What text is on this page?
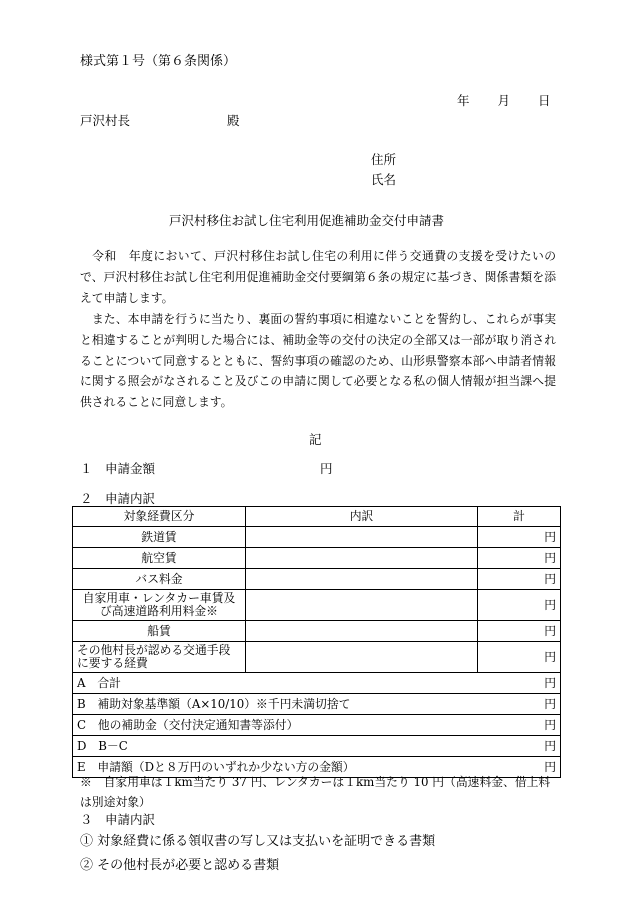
様式第１号（第６条関係）
年 月 日
戸沢村長	殿
住所
氏名
戸沢村移住お試し住宅利用促進補助金交付申請書
　令和　年度において、戸沢村移住お試し住宅の利用に伴う交通費の支援を受けたいので、戸沢村移住お試し住宅利用促進補助金交付要綱第６条の規定に基づき、関係書類を添えて申請します。
　また、本申請を行うに当たり、裏面の誓約事項に相違ないことを誓約し、これらが事実と相違することが判明した場合には、補助金等の交付の決定の全部又は一部が取り消されることについて同意するとともに、誓約事項の確認のため、山形県警察本部へ申請者情報に関する照会がなされること及びこの申請に関して必要となる私の個人情報が担当課へ提供されることに同意します。
記
１　申請金額	円
２　申請内訳
対象経費区分	内訳	計
鉄道賃		円
航空賃		円
バス料金		円
自家用車・レンタカー車賃及び高速道路利用料金※		円
船賃		円
その他村長が認める交通手段に要する経費		円
A　合計 円		

B　補助対象基準額（A×10/10）※千円未満切捨て 円		

C　他の補助金（交付決定通知書等添付） 円		

D　B－C 円		

E　申請額（Dと８万円のいずれか少ない方の金額） 円		
※　自家用車は１km当たり 37 円、レンタカーは１km当たり 10 円（高速料金、借上料は別途対象）
３　申請内訳
① 対象経費に係る領収書の写し又は支払いを証明できる書類
② その他村長が必要と認める書類
